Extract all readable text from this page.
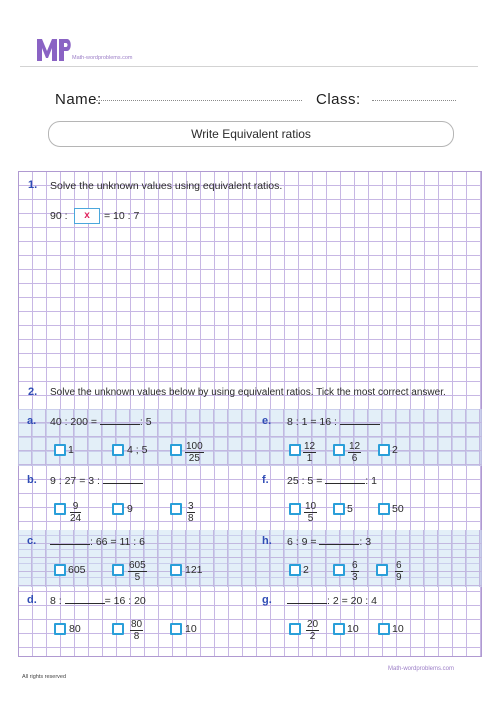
Math-wordproblems.com
Name:	Class:
Write Equivalent ratios
1. Solve the unknown values using equivalent ratios.
90 :	x	= 10 : 7
2. Solve the unknown values below by using equivalent ratios. Tick the most correct answer.
a. 40 : 200 =	: 5
1	4 ; 5	$\frac{100}{25}$
e. 8 : 1 = 16 :
$\frac{12}{1}$	$\frac{12}{6}$	2
b. 9 : 27 = 3 :
$\frac{9}{24}$	9	$\frac{3}{8}$
f. 25 : 5 =	: 1
$\frac{10}{5}$	5	50
c.	: 66 = 11 : 6
605	$\frac{605}{5}$	121
h. 6 : 9 =	: 3
2	$\frac{6}{3}$	$\frac{6}{9}$
d. 8 :	= 16 : 20
80	$\frac{80}{8}$	10
g.	: 2 = 20 : 4
$\frac{20}{2}$	10	10
All rights reserved
Math-wordproblems.com
